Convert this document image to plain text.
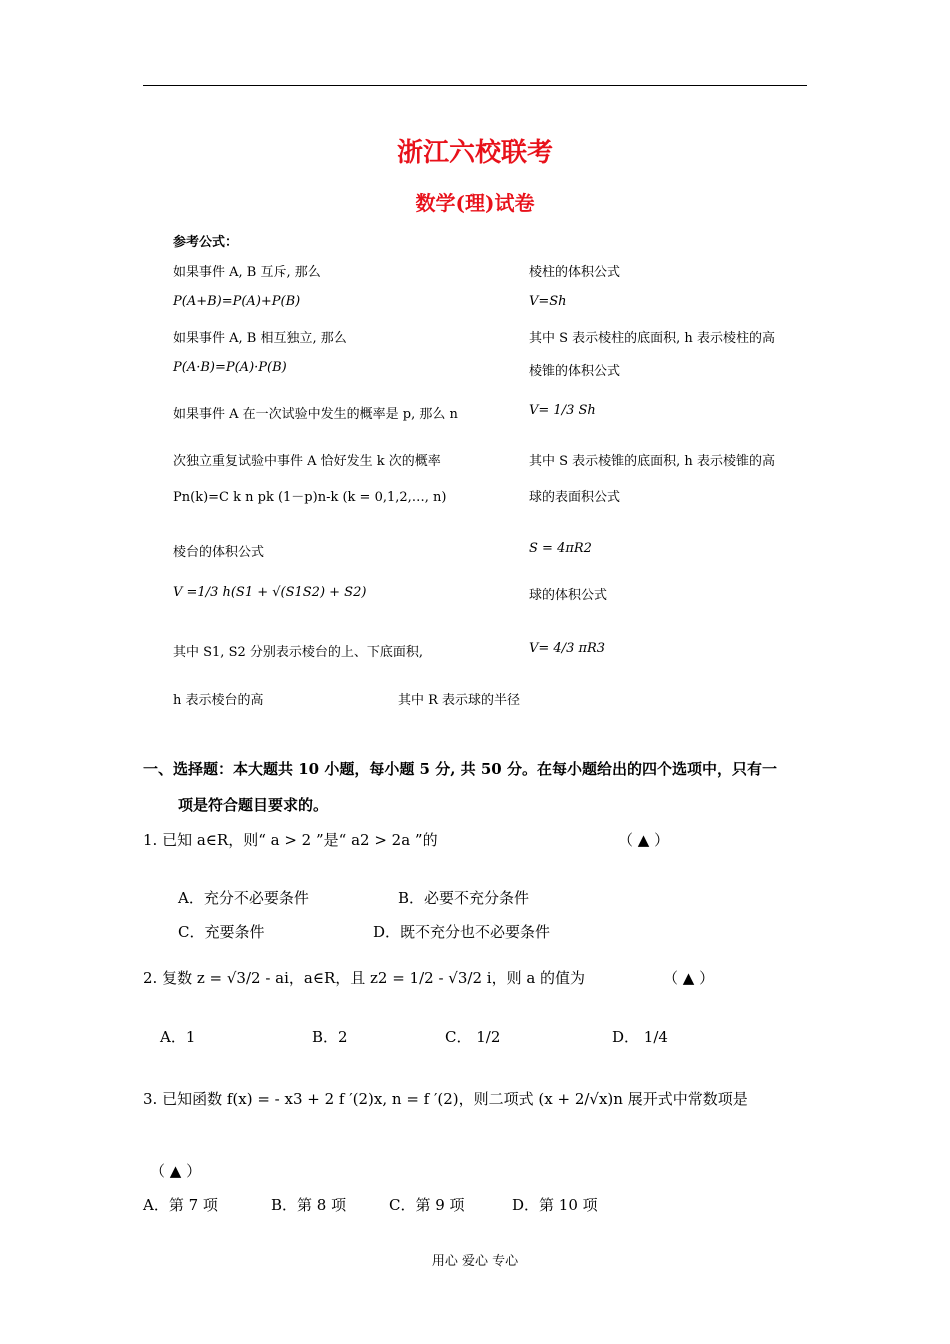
浙江六校联考
数学(理)试卷
参考公式：
如果事件 A, B 互斥, 那么
P(A+B)=P(A)+P(B)
如果事件 A, B 相互独立, 那么
P(A·B)=P(A)·P(B)
如果事件 A 在一次试验中发生的概率是 p, 那么 n
次独立重复试验中事件 A 恰好发生 k 次的概率
Pn(k)=C k n pk (1－p)n-k (k = 0,1,2,…, n)
棱台的体积公式
V =1/3 h(S1 + √(S1S2) + S2)
其中 S1, S2 分别表示棱台的上、下底面积,
h 表示棱台的高
棱柱的体积公式
V=Sh
其中 S 表示棱柱的底面积, h 表示棱柱的高
棱锥的体积公式
V= 1/3 Sh
其中 S 表示棱锥的底面积, h 表示棱锥的高
球的表面积公式
S = 4πR2
球的体积公式
V= 4/3 πR3
其中 R 表示球的半径
一、选择题：本大题共 10 小题，每小题 5 分, 共 50 分。在每小题给出的四个选项中，只有一
项是符合题目要求的。
1. 已知 a∈R，则“ a > 2 ”是“ a2 > 2a ”的	（ ▲ ）
A．充分不必要条件	B．必要不充分条件
C．充要条件	D．既不充分也不必要条件
2. 复数 z = √3/2 - ai，a∈R，且 z2 = 1/2 - √3/2 i，则 a 的值为	（ ▲ ）
A．1	B．2	C． 1/2	D． 1/4
3. 已知函数 f(x) = - x3 + 2 f ′(2)x, n = f ′(2)，则二项式 (x + 2/√x)n 展开式中常数项是
（ ▲ ）
A．第 7 项	B．第 8 项	C．第 9 项	D．第 10 项
用心 爱心 专心
